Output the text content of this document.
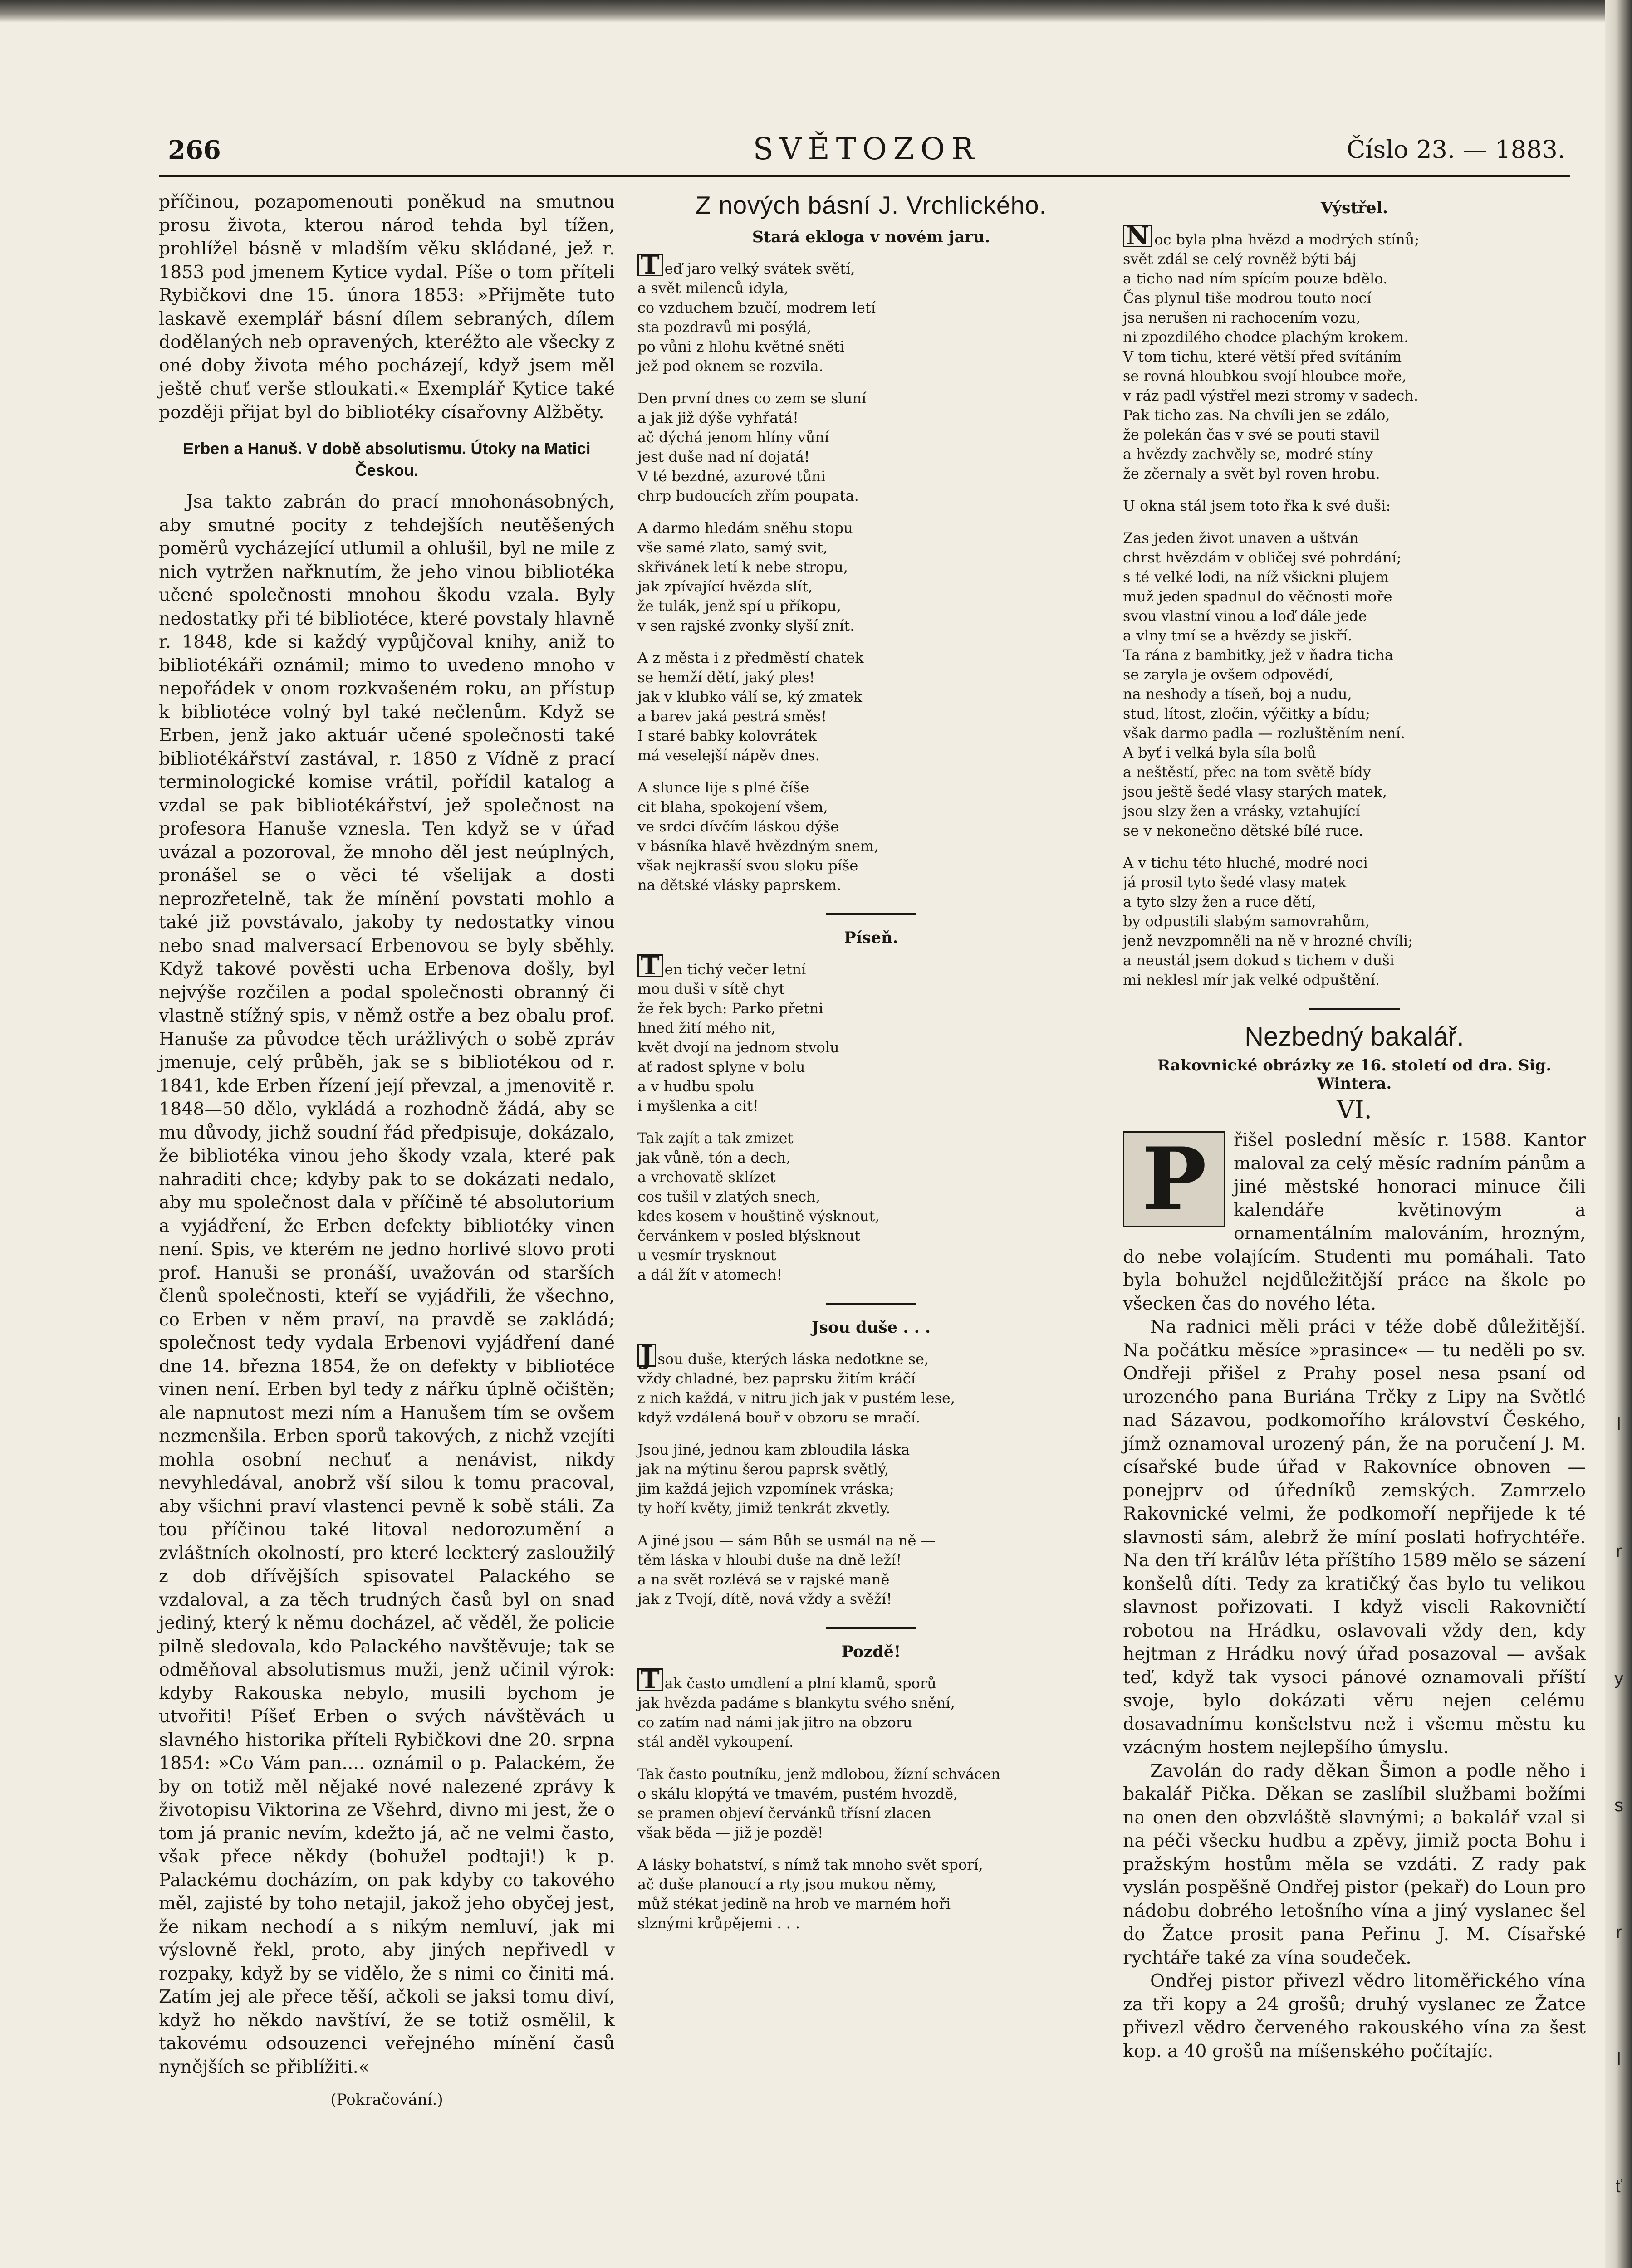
l
r
y
s
r
l
ť
266	SVĚTOZOR	Číslo 23. — 1883.

příčinou, pozapomenouti poněkud na smutnou prosu života, kterou národ tehda byl tížen, prohlížel básně v mladším věku skládané, jež r. 1853 pod jmenem Kytice vydal. Píše o tom příteli Rybičkovi dne 15. února 1853: »Přijměte tuto laskavě exemplář básní dílem sebraných, dílem dodělaných neb opravených, kteréžto ale všecky z oné doby života mého pocházejí, když jsem měl ještě chuť verše stloukati.« Exemplář Kytice také později přijat byl do bibliotéky císařovny Alžběty.

Erben a Hanuš. V době absolutismu. Útoky na Matici Českou.

Jsa takto zabrán do prací mnohonásobných, aby smutné pocity z tehdejších neutěšených poměrů vycházející utlumil a ohlušil, byl ne mile z nich vytržen nařknutím, že jeho vinou bibliotéka učené společnosti mnohou škodu vzala. Byly nedostatky při té bibliotéce, které povstaly hlavně r. 1848, kde si každý vypůjčoval knihy, aniž to bibliotékáři oznámil; mimo to uvedeno mnoho v nepořádek v onom rozkvašeném roku, an přístup k bibliotéce volný byl také nečlenům. Když se Erben, jenž jako aktuár učené společnosti také bibliotékářství zastával, r. 1850 z Vídně z prací terminologické komise vrátil, pořídil katalog a vzdal se pak bibliotékářství, jež společnost na profesora Hanuše vznesla. Ten když se v úřad uvázal a pozoroval, že mnoho děl jest neúplných, pronášel se o věci té všelijak a dosti neprozřetelně, tak že mínění povstati mohlo a také již povstávalo, jakoby ty nedostatky vinou nebo snad malversací Erbenovou se byly sběhly. Když takové pověsti ucha Erbenova došly, byl nejvýše rozčilen a podal společnosti obranný či vlastně stížný spis, v němž ostře a bez obalu prof. Hanuše za původce těch urážlivých o sobě zpráv jmenuje, celý průběh, jak se s bibliotékou od r. 1841, kde Erben řízení její převzal, a jmenovitě r. 1848—50 dělo, vykládá a rozhodně žádá, aby se mu důvody, jichž soudní řád předpisuje, dokázalo, že bibliotéka vinou jeho škody vzala, které pak nahraditi chce; kdyby pak to se dokázati nedalo, aby mu společnost dala v příčině té absolutorium a vyjádření, že Erben defekty bibliotéky vinen není. Spis, ve kterém ne jedno horlivé slovo proti prof. Hanuši se pronáší, uvažován od starších členů společnosti, kteří se vyjádřili, že všechno, co Erben v něm praví, na pravdě se zakládá; společnost tedy vydala Erbenovi vyjádření dané dne 14. března 1854, že on defekty v bibliotéce vinen není. Erben byl tedy z nářku úplně očištěn; ale napnutost mezi ním a Hanušem tím se ovšem nezmenšila. Erben sporů takových, z nichž vzejíti mohla osobní nechuť a nenávist, nikdy nevyhledával, anobrž vší silou k tomu pracoval, aby všichni praví vlastenci pevně k sobě stáli. Za tou příčinou také litoval nedorozumění a zvláštních okolností, pro které leckterý zasloužilý z dob dřívějších spisovatel Palackého se vzdaloval, a za těch trudných časů byl on snad jediný, který k němu docházel, ač věděl, že policie pilně sledovala, kdo Palackého navštěvuje; tak se odměňoval absolutismus muži, jenž učinil výrok: kdyby Rakouska nebylo, musili bychom je utvořiti! Píšeť Erben o svých návštěvách u slavného historika příteli Rybičkovi dne 20. srpna 1854: »Co Vám pan.... oznámil o p. Palackém, že by on totiž měl nějaké nové nalezené zprávy k životopisu Viktorina ze Všehrd, divno mi jest, že o tom já pranic nevím, kdežto já, ač ne velmi často, však přece někdy (bohužel podtaji!) k p. Palackému docházím, on pak kdyby co takového měl, zajisté by toho netajil, jakož jeho obyčej jest, že nikam nechodí a s nikým nemluví, jak mi výslovně řekl, proto, aby jiných nepřivedl v rozpaky, když by se vidělo, že s nimi co činiti má. Zatím jej ale přece těší, ačkoli se jaksi tomu diví, když ho někdo navštíví, že se totiž osmělil, k takovému odsouzenci veřejného mínění časů nynějších se přiblížiti.«

(Pokračování.)
Z nových básní J. Vrchlického.
Stará ekloga v novém jaru.
T eď jaro velký svátek světí,
a svět milenců idyla,
co vzduchem bzučí, modrem letí
sta pozdravů mi posýlá,
po vůni z hlohu květné sněti
jež pod oknem se rozvila.
Den první dnes co zem se sluní
a jak již dýše vyhřatá!
ač dýchá jenom hlíny vůní
jest duše nad ní dojatá!
V té bezdné, azurové tůni
chrp budoucích zřím poupata.
A darmo hledám sněhu stopu
vše samé zlato, samý svit,
skřivánek letí k nebe stropu,
jak zpívající hvězda slít,
že tulák, jenž spí u příkopu,
v sen rajské zvonky slyší znít.
A z města i z předměstí chatek
se hemží dětí, jaký ples!
jak v klubko válí se, ký zmatek
a barev jaká pestrá směs!
I staré babky kolovrátek
má veselejší nápěv dnes.
A slunce lije s plné číše
cit blaha, spokojení všem,
ve srdci dívčím láskou dýše
v básníka hlavě hvězdným snem,
však nejkrasší svou sloku píše
na dětské vlásky paprskem.
Píseň.
T en tichý večer letní
mou duši v sítě chyt
že řek bych: Parko přetni
hned žití mého nit,
květ dvojí na jednom stvolu
ať radost splyne v bolu
a v hudbu spolu
i myšlenka a cit!
Tak zajít a tak zmizet
jak vůně, tón a dech,
a vrchovatě sklízet
cos tušil v zlatých snech,
kdes kosem v houštině výsknout,
červánkem v posled blýsknout
u vesmír trysknout
a dál žít v atomech!
Jsou duše . . .
J sou duše, kterých láska nedotkne se,
vždy chladné, bez paprsku žitím kráčí
z nich každá, v nitru jich jak v pustém lese,
když vzdálená bouř v obzoru se mračí.
Jsou jiné, jednou kam zbloudila láska
jak na mýtinu šerou paprsk světlý,
jim každá jejich vzpomínek vráska;
ty hoří květy, jimiž tenkrát zkvetly.
A jiné jsou — sám Bůh se usmál na ně —
těm láska v hloubi duše na dně leží!
a na svět rozlévá se v rajské maně
jak z Tvojí, dítě, nová vždy a svěží!
Pozdě!
T ak často umdlení a plní klamů, sporů
jak hvězda padáme s blankytu svého snění,
co zatím nad námi jak jitro na obzoru
stál anděl vykoupení.
Tak často poutníku, jenž mdlobou, žízní schvácen
o skálu klopýtá ve tmavém, pustém hvozdě,
se pramen objeví červánků třísní zlacen
však běda — již je pozdě!
A lásky bohatství, s nímž tak mnoho svět sporí,
ač duše planoucí a rty jsou mukou němy,
můž stékat jedině na hrob ve marném hoři
slznými krůpějemi . . .
Výstřel.
N oc byla plna hvězd a modrých stínů;
svět zdál se celý rovněž býti báj
a ticho nad ním spícím pouze bdělo.
Čas plynul tiše modrou touto nocí
jsa nerušen ni rachocením vozu,
ni zpozdilého chodce plachým krokem.
V tom tichu, které větší před svítáním
se rovná hloubkou svojí hloubce moře,
v ráz padl výstřel mezi stromy v sadech.
Pak ticho zas. Na chvíli jen se zdálo,
že polekán čas v své se pouti stavil
a hvězdy zachvěly se, modré stíny
že zčernaly a svět byl roven hrobu.
U okna stál jsem toto řka k své duši:
Zas jeden život unaven a uštván
chrst hvězdám v obličej své pohrdání;
s té velké lodi, na níž všickni plujem
muž jeden spadnul do věčnosti moře
svou vlastní vinou a loď dále jede
a vlny tmí se a hvězdy se jiskří.
Ta rána z bambitky, jež v ňadra ticha
se zaryla je ovšem odpovědí,
na neshody a tíseň, boj a nudu,
stud, lítost, zločin, výčitky a bídu;
však darmo padla — rozluštěním není.
A byť i velká byla síla bolů
a neštěstí, přec na tom světě bídy
jsou ještě šedé vlasy starých matek,
jsou slzy žen a vrásky, vztahující
se v nekonečno dětské bílé ruce.
A v tichu této hluché, modré noci
já prosil tyto šedé vlasy matek
a tyto slzy žen a ruce dětí,
by odpustili slabým samovrahům,
jenž nevzpomněli na ně v hrozné chvíli;
a neustál jsem dokud s tichem v duši
mi neklesl mír jak velké odpuštění.
Nezbedný bakalář.
Rakovnické obrázky ze 16. století od dra. Sig. Wintera.
VI.
P	řišel poslední měsíc r. 1588. Kantor maloval za celý měsíc radním pánům a jiné městské honoraci minuce čili kalendáře květinovým a ornamentálním malováním, hrozným, do nebe volajícím. Studenti mu pomáhali. Tato byla bohužel nejdůležitější práce na škole po všecken čas do nového léta.

Na radnici měli práci v téže době důležitější. Na počátku měsíce »prasince« — tu neděli po sv. Ondřeji přišel z Prahy posel nesa psaní od urozeného pana Buriána Trčky z Lipy na Světlé nad Sázavou, podkomořího království Českého, jímž oznamoval urozený pán, že na poručení J. M. císařské bude úřad v Rakovníce obnoven — ponejprv od úředníků zemských. Zamrzelo Rakovnické velmi, že podkomoří nepřijede k té slavnosti sám, alebrž že míní poslati hofrychtéře. Na den tří králův léta příštího 1589 mělo se sázení konšelů díti. Tedy za kratičký čas bylo tu velikou slavnost pořizovati. I když viseli Rakovničtí robotou na Hrádku, oslavovali vždy den, kdy hejtman z Hrádku nový úřad posazoval — avšak teď, když tak vysoci pánové oznamovali příští svoje, bylo dokázati věru nejen celému dosavadnímu konšelstvu než i všemu městu ku vzácným hostem nejlepšího úmyslu.

Zavolán do rady děkan Šimon a podle něho i bakalář Pička. Děkan se zaslíbil službami božími na onen den obzvláště slavnými; a bakalář vzal si na péči všecku hudbu a zpěvy, jimiž pocta Bohu i pražským hostům měla se vzdáti. Z rady pak vyslán pospěšně Ondřej pistor (pekař) do Loun pro nádobu dobrého letošního vína a jiný vyslanec šel do Žatce prosit pana Peřinu J. M. Císařské rychtáře také za vína soudeček.

Ondřej pistor přivezl vědro litoměřického vína za tři kopy a 24 grošů; druhý vyslanec ze Žatce přivezl vědro červeného rakouského vína za šest kop. a 40 grošů na míšenského počítajíc.
